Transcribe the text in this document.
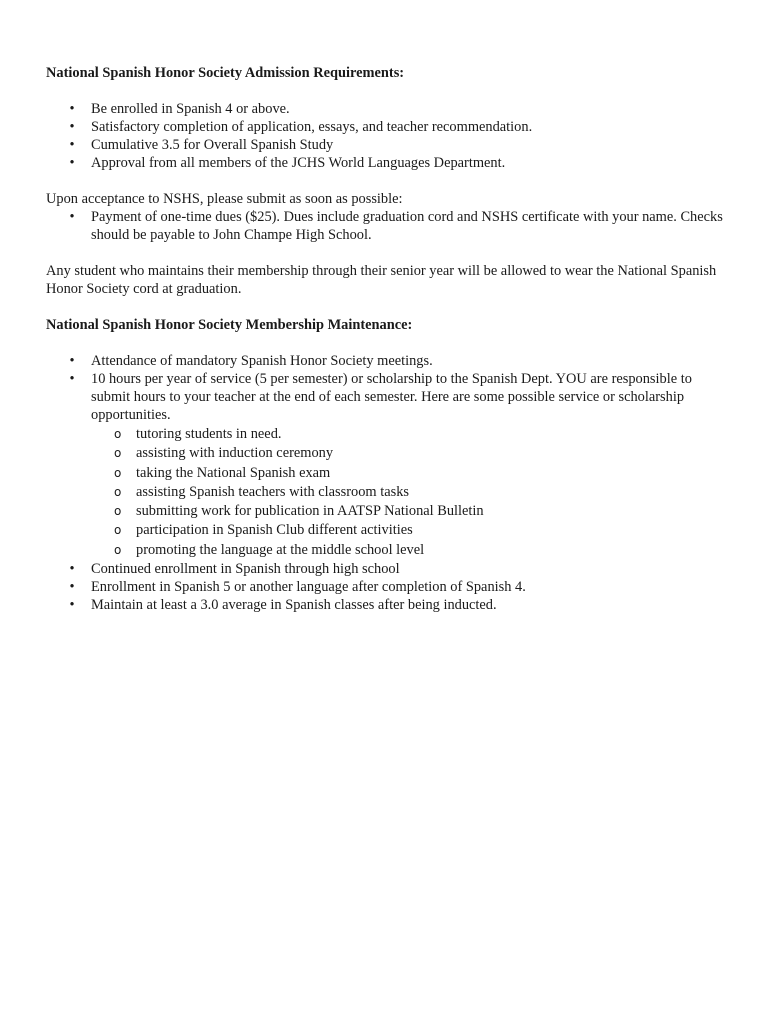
National Spanish Honor Society Admission Requirements:

• Be enrolled in Spanish 4 or above.
• Satisfactory completion of application, essays, and teacher recommendation.
• Cumulative 3.5 for Overall Spanish Study
• Approval from all members of the JCHS World Languages Department.

Upon acceptance to NSHS, please submit as soon as possible:

• Payment of one-time dues ($25). Dues include graduation cord and NSHS certificate with your name. Checks should be payable to John Champe High School.

Any student who maintains their membership through their senior year will be allowed to wear the National Spanish Honor Society cord at graduation.

National Spanish Honor Society Membership Maintenance:

• Attendance of mandatory Spanish Honor Society meetings.
• 10 hours per year of service (5 per semester) or scholarship to the Spanish Dept. YOU are responsible to submit hours to your teacher at the end of each semester. Here are some possible service or scholarship opportunities.
o tutoring students in need.
o assisting with induction ceremony
o taking the National Spanish exam
o assisting Spanish teachers with classroom tasks
o submitting work for publication in AATSP National Bulletin
o participation in Spanish Club different activities
o promoting the language at the middle school level
• Continued enrollment in Spanish through high school
• Enrollment in Spanish 5 or another language after completion of Spanish 4.
• Maintain at least a 3.0 average in Spanish classes after being inducted.
